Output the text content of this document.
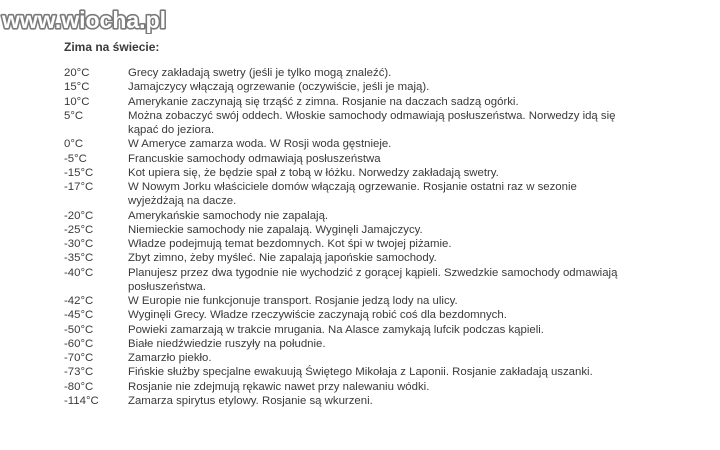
www.wiocha.pl
Zima na świecie:
20°C	Grecy zakładają swetry (jeśli je tylko mogą znaleźć).
15°C	Jamajczycy włączają ogrzewanie (oczywiście, jeśli je mają).
10°C	Amerykanie zaczynają się trząść z zimna. Rosjanie na daczach sadzą ogórki.
5°C	Można zobaczyć swój oddech. Włoskie samochody odmawiają posłuszeństwa. Norwedzy idą się kąpać do jeziora.
0°C	W Ameryce zamarza woda. W Rosji woda gęstnieje.
-5°C	Francuskie samochody odmawiają posłuszeństwa
-15°C	Kot upiera się, że będzie spał z tobą w łóżku. Norwedzy zakładają swetry.
-17°C	W Nowym Jorku właściciele domów włączają ogrzewanie. Rosjanie ostatni raz w sezonie wyjeżdżają na dacze.
-20°C	Amerykańskie samochody nie zapalają.
-25°C	Niemieckie samochody nie zapalają. Wyginęli Jamajczycy.
-30°C	Władze podejmują temat bezdomnych. Kot śpi w twojej piżamie.
-35°C	Zbyt zimno, żeby myśleć. Nie zapalają japońskie samochody.
-40°C	Planujesz przez dwa tygodnie nie wychodzić z gorącej kąpieli. Szwedzkie samochody odmawiają posłuszeństwa.
-42°C	W Europie nie funkcjonuje transport. Rosjanie jedzą lody na ulicy.
-45°C	Wyginęli Grecy. Władze rzeczywiście zaczynają robić coś dla bezdomnych.
-50°C	Powieki zamarzają w trakcie mrugania. Na Alasce zamykają lufcik podczas kąpieli.
-60°C	Białe niedźwiedzie ruszyły na południe.
-70°C	Zamarzło piekło.
-73°C	Fińskie służby specjalne ewakuują Świętego Mikołaja z Laponii. Rosjanie zakładają uszanki.
-80°C	Rosjanie nie zdejmują rękawic nawet przy nalewaniu wódki.
-114°C	Zamarza spirytus etylowy. Rosjanie są wkurzeni.
